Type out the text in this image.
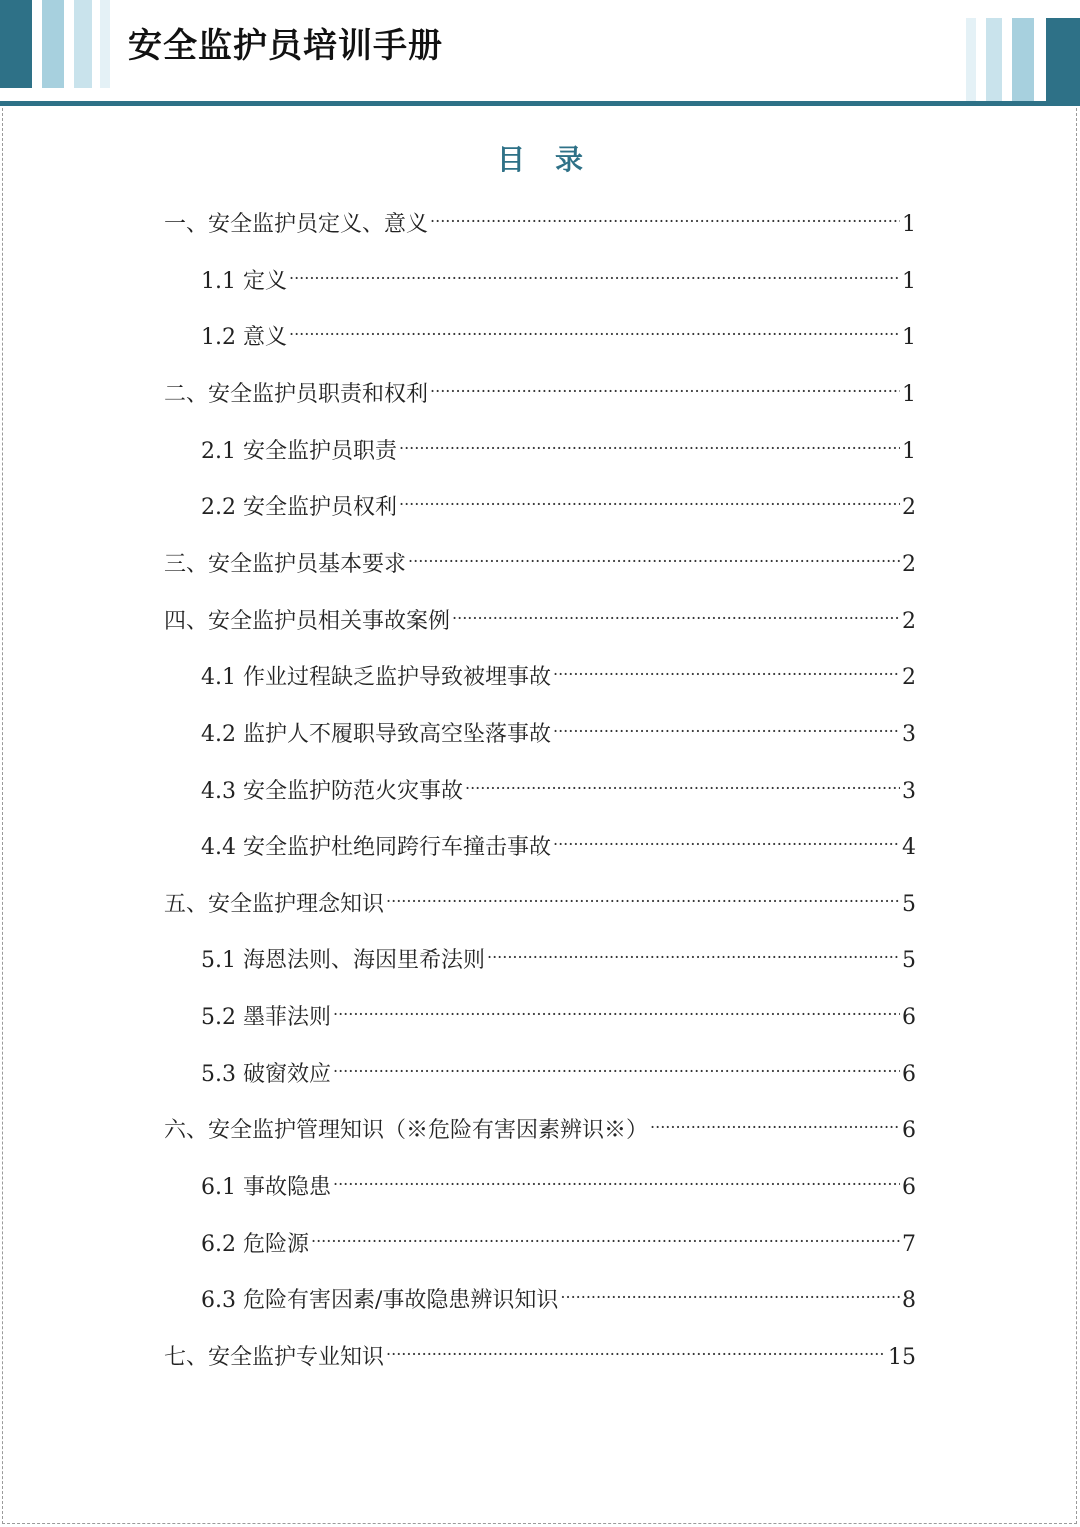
安全监护员培训手册
目录
一、安全监护员定义、意义 .....	1
1.1 定义 .....	1
1.2 意义 .....	1
二、安全监护员职责和权利 .....	1
2.1 安全监护员职责 .....	1
2.2 安全监护员权利 .....	2
三、安全监护员基本要求 .....	2
四、安全监护员相关事故案例 .....	2
4.1 作业过程缺乏监护导致被埋事故 .....	2
4.2 监护人不履职导致高空坠落事故 .....	3
4.3 安全监护防范火灾事故 .....	3
4.4 安全监护杜绝同跨行车撞击事故 .....	4
五、安全监护理念知识 .....	5
5.1 海恩法则、海因里希法则 .....	5
5.2 墨菲法则 .....	6
5.3 破窗效应 .....	6
六、安全监护管理知识（※危险有害因素辨识※） .....	6
6.1 事故隐患 .....	6
6.2 危险源 .....	7
6.3 危险有害因素/事故隐患辨识知识 .....	8
七、安全监护专业知识 .....	15
